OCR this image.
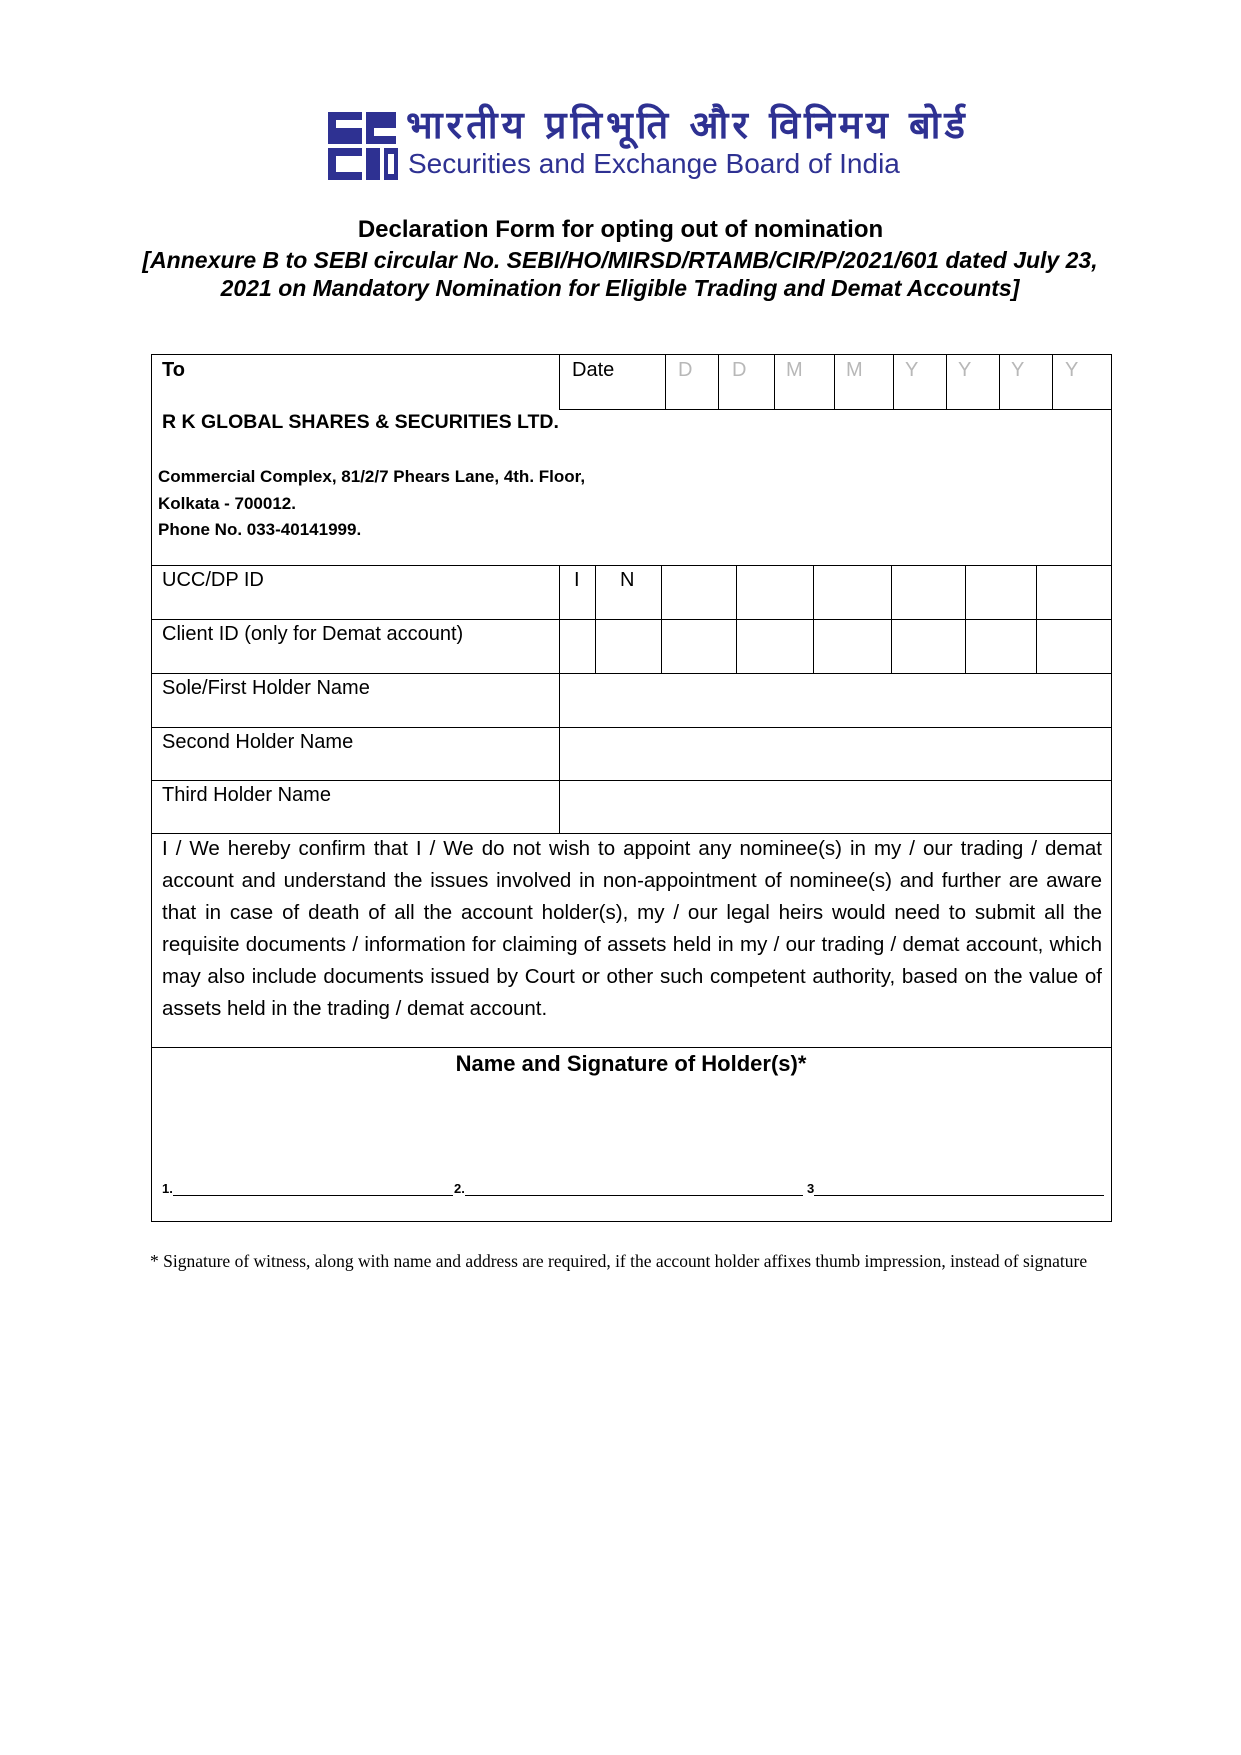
भारतीय प्रतिभूति और विनिमय बोर्ड
Securities and Exchange Board of India
Declaration Form for opting out of nomination
[Annexure B to SEBI circular No. SEBI/HO/MIRSD/RTAMB/CIR/P/2021/601 dated July 23, 2021 on Mandatory Nomination for Eligible Trading and Demat Accounts]
To	Date	D D M M Y Y Y Y
R K GLOBAL SHARES & SECURITIES LTD.
Commercial Complex, 81/2/7 Phears Lane, 4th. Floor,
Kolkata - 700012.
Phone No. 033-40141999.
UCC/DP ID	I N
Client ID (only for Demat account)
Sole/First Holder Name
Second Holder Name
Third Holder Name
I / We hereby confirm that I / We do not wish to appoint any nominee(s) in my / our trading / demat account and understand the issues involved in non-appointment of nominee(s) and further are aware that in case of death of all the account holder(s), my / our legal heirs would need to submit all the requisite documents / information for claiming of assets held in my / our trading / demat account, which may also include documents issued by Court or other such competent authority, based on the value of assets held in the trading / demat account.
Name and Signature of Holder(s)*
1.	2.	3
* Signature of witness, along with name and address are required, if the account holder affixes thumb impression, instead of signature
